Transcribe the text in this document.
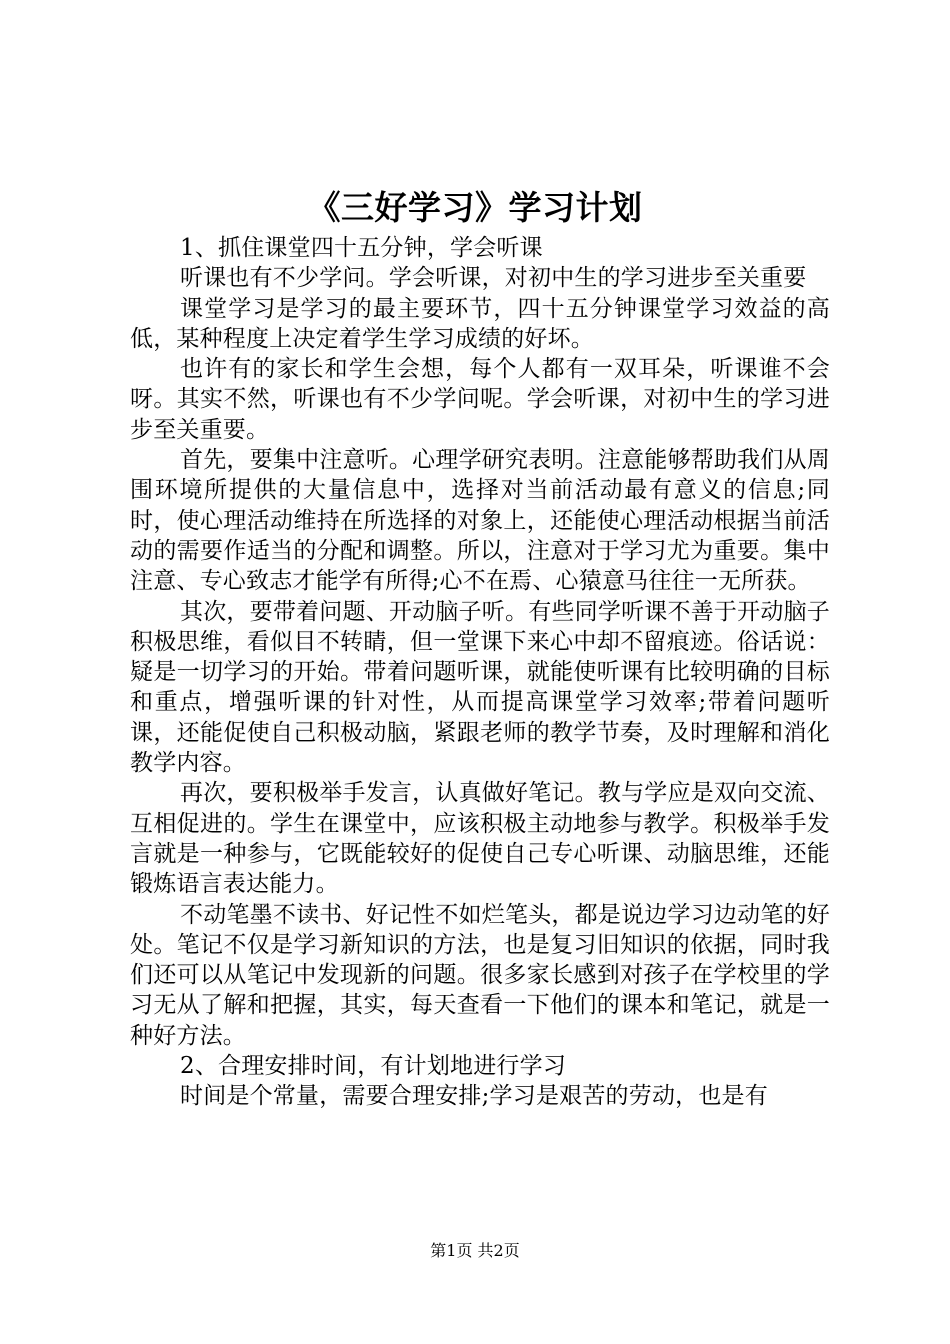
《三好学习》学习计划

1、抓住课堂四十五分钟，学会听课

听课也有不少学问。学会听课，对初中生的学习进步至关重要

课堂学习是学习的最主要环节，四十五分钟课堂学习效益的高低，某种程度上决定着学生学习成绩的好坏。

也许有的家长和学生会想，每个人都有一双耳朵，听课谁不会呀。其实不然，听课也有不少学问呢。学会听课，对初中生的学习进步至关重要。

首先，要集中注意听。心理学研究表明。注意能够帮助我们从周围环境所提供的大量信息中，选择对当前活动最有意义的信息;同时，使心理活动维持在所选择的对象上，还能使心理活动根据当前活动的需要作适当的分配和调整。所以，注意对于学习尤为重要。集中注意、专心致志才能学有所得;心不在焉、心猿意马往往一无所获。

其次，要带着问题、开动脑子听。有些同学听课不善于开动脑子积极思维，看似目不转睛，但一堂课下来心中却不留痕迹。俗话说：疑是一切学习的开始。带着问题听课，就能使听课有比较明确的目标和重点，增强听课的针对性，从而提高课堂学习效率;带着问题听课，还能促使自己积极动脑，紧跟老师的教学节奏，及时理解和消化教学内容。

再次，要积极举手发言，认真做好笔记。教与学应是双向交流、互相促进的。学生在课堂中，应该积极主动地参与教学。积极举手发言就是一种参与，它既能较好的促使自己专心听课、动脑思维，还能锻炼语言表达能力。

不动笔墨不读书、好记性不如烂笔头，都是说边学习边动笔的好处。笔记不仅是学习新知识的方法，也是复习旧知识的依据，同时我们还可以从笔记中发现新的问题。很多家长感到对孩子在学校里的学习无从了解和把握，其实，每天查看一下他们的课本和笔记，就是一种好方法。

2、合理安排时间，有计划地进行学习

时间是个常量，需要合理安排;学习是艰苦的劳动，也是有

第1页 共2页
